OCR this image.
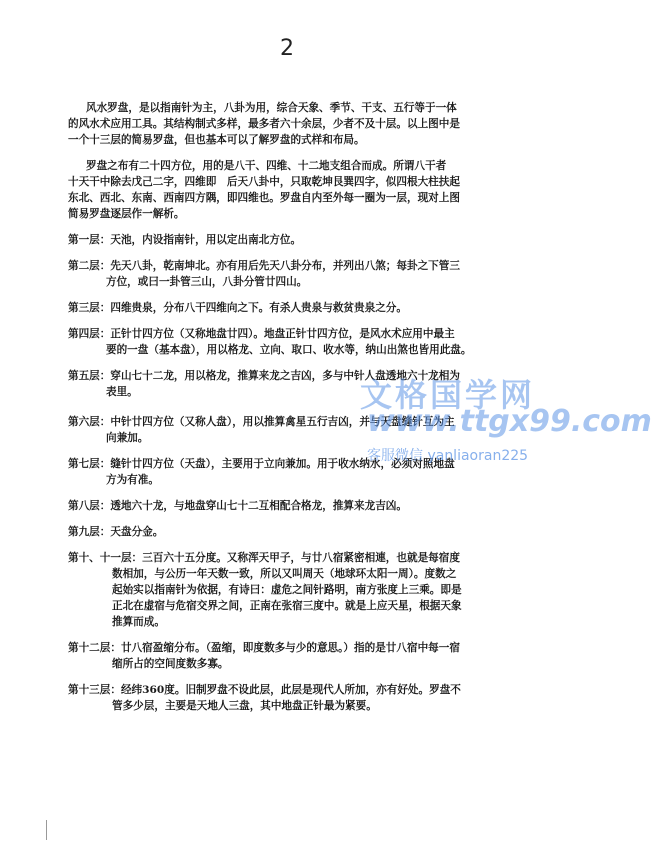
2
风水罗盘，是以指南针为主，八卦为用，综合天象、季节、干支、五行等于一体
的风水术应用工具。其结构制式多样，最多者六十余层，少者不及十层。以上图中是
一个十三层的简易罗盘，但也基本可以了解罗盘的式样和布局。
罗盘之布有二十四方位，用的是八干、四维、十二地支组合而成。所谓八干者
十天干中除去戊己二字，四维即　后天八卦中，只取乾坤艮巽四字，似四根大柱扶起
东北、西北、东南、西南四方隅，即四维也。罗盘自内至外每一圈为一层，现对上图
简易罗盘逐层作一解析。
第一层：天池，内设指南针，用以定出南北方位。
第二层：先天八卦，乾南坤北。亦有用后先天八卦分布，并列出八煞；每卦之下管三
方位，或曰一卦管三山，八卦分管廿四山。
第三层：四维贵泉，分布八干四维向之下。有杀人贵泉与救贫贵泉之分。
第四层：正针廿四方位（又称地盘廿四）。地盘正针廿四方位，是风水术应用中最主
要的一盘（基本盘），用以格龙、立向、取口、收水等，纳山出煞也皆用此盘。
第五层：穿山七十二龙，用以格龙，推算来龙之吉凶，多与中针人盘透地六十龙相为
表里。
第六层：中针廿四方位（又称人盘），用以推算禽星五行吉凶，并与天盘缝针互为主
向兼加。
第七层：缝针廿四方位（天盘），主要用于立向兼加。用于收水纳水，必须对照地盘
方为有准。
第八层：透地六十龙，与地盘穿山七十二互相配合格龙，推算来龙吉凶。
第九层：天盘分金。
第十、十一层：三百六十五分度。又称浑天甲子，与廿八宿紧密相連，也就是每宿度
数相加，与公历一年天数一致，所以又叫周天（地球环太阳一周）。度数之
起始实以指南针为依据，有诗曰：虚危之间针路明，南方张度上三乘。即是
正北在虚宿与危宿交界之间，正南在张宿三度中。就是上应天星，根据天象
推算而成。
第十二层：廿八宿盈缩分布。（盈缩，即度数多与少的意思。）指的是廿八宿中每一宿
缩所占的空间度数多寡。
第十三层：经纬360度。旧制罗盘不设此层，此层是现代人所加，亦有好处。罗盘不
管多少层，主要是天地人三盘，其中地盘正针最为紧要。
文格国学网
www.ttgx99.com
客服微信 yanliaoran225
